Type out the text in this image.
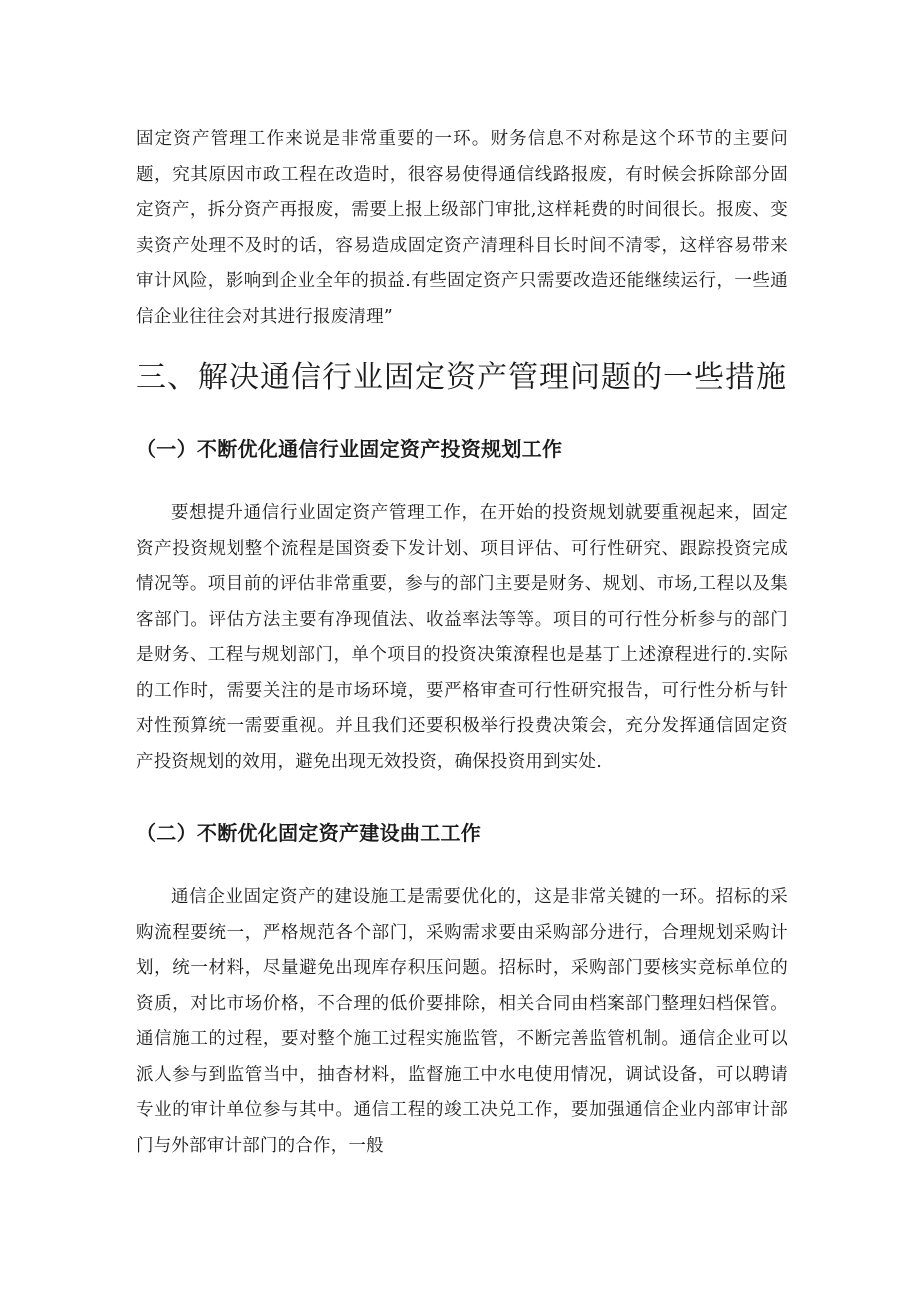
固定资产管理工作来说是非常重要的一环。财务信息不对称是这个环节的主要问题，究其原因市政工程在改造时，很容易使得通信线路报废，有时候会拆除部分固定资产，拆分资产再报废，需要上报上级部门审批,这样耗费的时间很长。报废、变卖资产处理不及时的话，容易造成固定资产清理科目长时间不清零，这样容易带来审计风险，影响到企业全年的损益.有些固定资产只需要改造还能继续运行，一些通信企业往往会对其进行报废清理”

三、解决通信行业固定资产管理问题的一些措施
（一）不断优化通信行业固定资产投资规划工作

要想提升通信行业固定资产管理工作，在开始的投资规划就要重视起来，固定资产投资规划整个流程是国资委下发计划、项目评估、可行性研究、跟踪投资完成情况等。项目前的评估非常重要，参与的部门主要是财务、规划、市场,工程以及集客部门。评估方法主要有净现值法、收益率法等等。项目的可行性分析参与的部门是财务、工程与规划部门，单个项目的投资决策潦程也是基丁上述潦程进行的.实际的工作时，需要关注的是市场环境，要严格审查可行性研究报告，可行性分析与针对性预算统一需要重视。并且我们还要积极举行投费决策会，充分发挥通信固定资产投资规划的效用，避免出现无效投资，确保投资用到实处.

（二）不断优化固定资产建设曲工工作

通信企业固定资产的建设施工是需要优化的，这是非常关键的一环。招标的采购流程要统一，严格规范各个部门，采购需求要由采购部分进行，合理规划采购计划，统一材料，尽量避免出现库存积压问题。招标时，采购部门要核实竞标单位的资质，对比市场价格，不合理的低价要排除，相关合同由档案部门整理妇档保管。通信施工的过程，要对整个施工过程实施监管，不断完善监管机制。通信企业可以派人参与到监管当中，抽杳材料，监督施工中水电使用情况，调试设备，可以聘请专业的审计单位参与其中。通信工程的竣工决兑工作，要加强通信企业内部审计部门与外部审计部门的合作，一般
